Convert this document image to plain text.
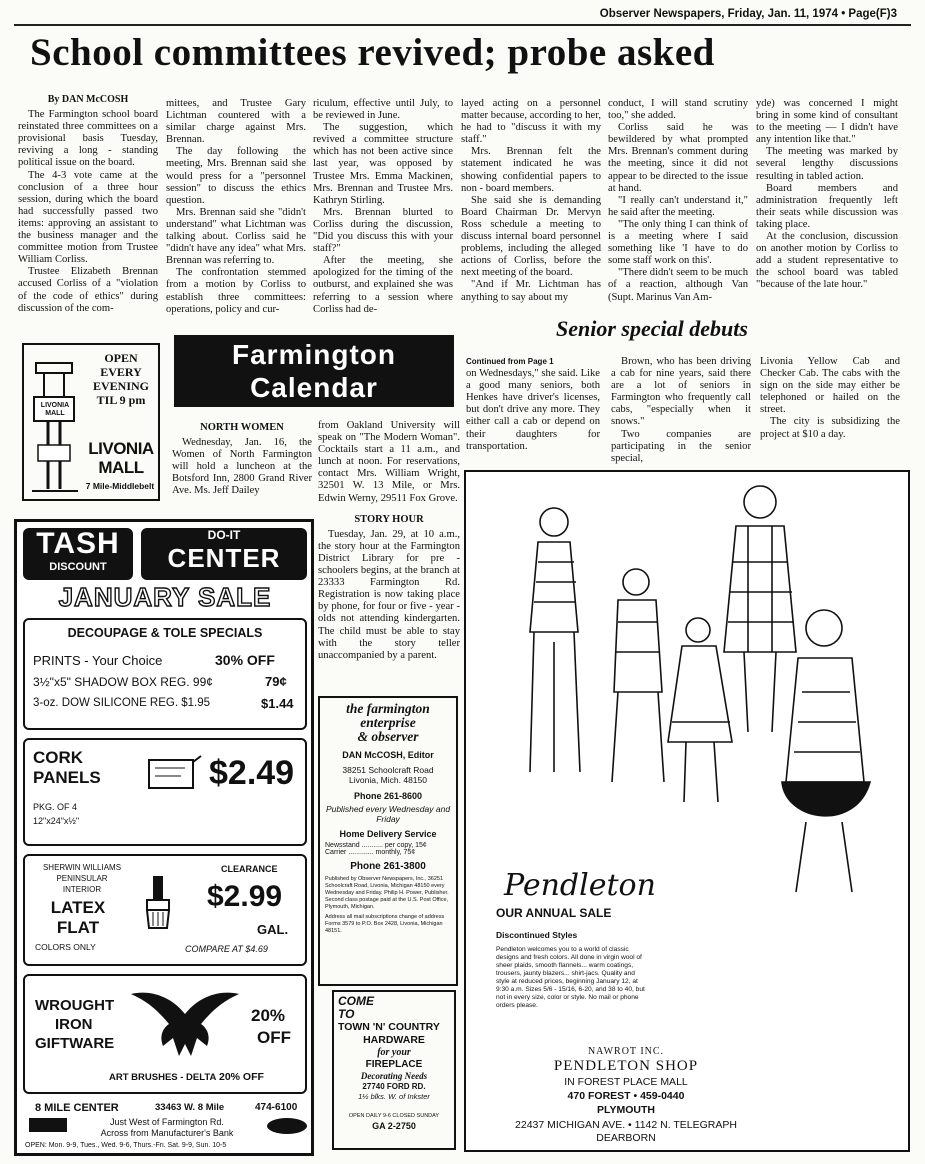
Observer Newspapers, Friday, Jan. 11, 1974 • Page(F)3
School committees revived; probe asked

By DAN McCOSH

The Farmington school board reinstated three committees on a provisional basis Tuesday, reviving a long - standing political issue on the board.

The 4-3 vote came at the conclusion of a three hour session, during which the board had successfully passed two items: approving an assistant to the business manager and the committee motion from Trustee William Corliss.

Trustee Elizabeth Brennan accused Corliss of a "violation of the code of ethics" during discussion of the com-

mittees, and Trustee Gary Lichtman countered with a similar charge against Mrs. Brennan.

The day following the meeting, Mrs. Brennan said she would press for a "personnel session" to discuss the ethics question.

Mrs. Brennan said she "didn't understand" what Lichtman was talking about. Corliss said he "didn't have any idea" what Mrs. Brennan was referring to.

The confrontation stemmed from a motion by Corliss to establish three committees: operations, policy and cur-

riculum, effective until July, to be reviewed in June.

The suggestion, which revived a committee structure which has not been active since last year, was opposed by Trustee Mrs. Emma Mackinen, Mrs. Brennan and Trustee Mrs. Kathryn Stirling.

Mrs. Brennan blurted to Corliss during the discussion, "Did you discuss this with your staff?"

After the meeting, she apologized for the timing of the outburst, and explained she was referring to a session where Corliss had de-

layed acting on a personnel matter because, according to her, he had to "discuss it with my staff."

Mrs. Brennan felt the statement indicated he was showing confidential papers to non - board members.

She said she is demanding Board Chairman Dr. Mervyn Ross schedule a meeting to discuss internal board personnel problems, including the alleged actions of Corliss, before the next meeting of the board.

"And if Mr. Lichtman has anything to say about my

conduct, I will stand scrutiny too," she added.

Corliss said he was bewildered by what prompted Mrs. Brennan's comment during the meeting, since it did not appear to be directed to the issue at hand.

"I really can't understand it," he said after the meeting.

"The only thing I can think of is a meeting where I said something like 'I have to do some staff work on this'.

"There didn't seem to be much of a reaction, although Van (Supt. Marinus Van Am-

yde) was concerned I might bring in some kind of consultant to the meeting — I didn't have any intention like that."

The meeting was marked by several lengthy discussions resulting in tabled action.

Board members and administration frequently left their seats while discussion was taking place.

At the conclusion, discussion on another motion by Corliss to add a student representative to the school board was tabled "because of the late hour."

LIVONIA MALL
OPEN
EVERY
EVENING
TIL 9 pm
LIVONIA
MALL
7 Mile-Middlebelt
Farmington
Calendar

NORTH WOMEN

Wednesday, Jan. 16, the Women of North Farmington will hold a luncheon at the Botsford Inn, 2800 Grand River Ave. Ms. Jeff Dailey

from Oakland University will speak on "The Modern Woman". Cocktails start a 11 a.m., and lunch at noon. For reservations, contact Mrs. William Wright, 32501 W. 13 Mile, or Mrs. Edwin Werny, 29511 Fox Grove.

STORY HOUR

Tuesday, Jan. 29, at 10 a.m., the story hour at the Farmington District Library for pre - schoolers begins, at the branch at 23333 Farmington Rd. Registration is now taking place by phone, for four or five - year - olds not attending kindergarten. The child must be able to stay with the story teller unaccompanied by a parent.

the farmington
enterprise
& observer
DAN McCOSH, Editor
38251 Schoolcraft Road
Livonia, Mich. 48150
Phone 261-8600
Published every Wednesday and Friday
Home Delivery Service
Newsstand ........... per copy, 15¢
Carrier ............. monthly, 75¢
Phone 261-3800
Published by Observer Newspapers, Inc., 36251 Schoolcraft Road, Livonia, Michigan 48150 every Wednesday and Friday. Philip H. Power, Publisher. Second class postage paid at the U.S. Post Office, Plymouth, Michigan.
Address all mail subscriptions change of address Forms 3579 to P.O. Box 2428, Livonia, Michigan 48151.
COME
TO
TOWN 'N' COUNTRY
HARDWARE
for your
FIREPLACE
Decorating Needs
27740 FORD RD.
1½ blks. W. of Inkster
OPEN DAILY 9-6 CLOSED SUNDAY
GA 2-2750
TASH
DISCOUNT
DO-IT
CENTER
JANUARY SALE
DECOUPAGE & TOLE SPECIALS
PRINTS - Your Choice	30% OFF
3½"x5" SHADOW BOX REG. 99¢	79¢
3-oz. DOW SILICONE REG. $1.95	$1.44
CORK
PANELS	$2.49
PKG. OF 4
12"x24"x½"
SHERWIN WILLIAMS
PENINSULAR
INTERIOR
LATEX
FLAT
COLORS ONLY
CLEARANCE
$2.99
GAL.
COMPARE AT $4.69
WROUGHT
IRON
GIFTWARE
20%
OFF
ART BRUSHES - DELTA 20% OFF
8 MILE CENTER	33463 W. 8 Mile	474-6100
Just West of Farmington Rd.
Across from Manufacturer's Bank
OPEN: Mon. 9-9, Tues., Wed. 9-6, Thurs.-Fri. Sat. 9-9, Sun. 10-5
Senior special debuts

Continued from Page 1

on Wednesdays," she said. Like a good many seniors, both Henkes have driver's licenses, but don't drive any more. They either call a cab or depend on their daughters for transportation.

Brown, who has been driving a cab for nine years, said there are a lot of seniors in Farmington who frequently call cabs, "especially when it snows."

Two companies are participating in the senior special,

Livonia Yellow Cab and Checker Cab. The cabs with the sign on the side may either be telephoned or hailed on the street.

The city is subsidizing the project at $10 a day.

Pendleton
OUR ANNUAL SALE
Discontinued Styles
Pendleton welcomes you to a world of classic designs and fresh colors. All done in virgin wool of sheer plaids, smooth flannels... warm coatings, trousers, jaunty blazers... shirt-jacs. Quality and style at reduced prices, beginning January 12, at 9:30 a.m. Sizes 5/6 - 15/16, 6-20, and 38 to 40, but not in every size, color or style. No mail or phone orders please.
NAWROT INC.
PENDLETON SHOP
IN FOREST PLACE MALL
470 FOREST • 459-0440
PLYMOUTH
22437 MICHIGAN AVE. • 1142 N. TELEGRAPH
DEARBORN
